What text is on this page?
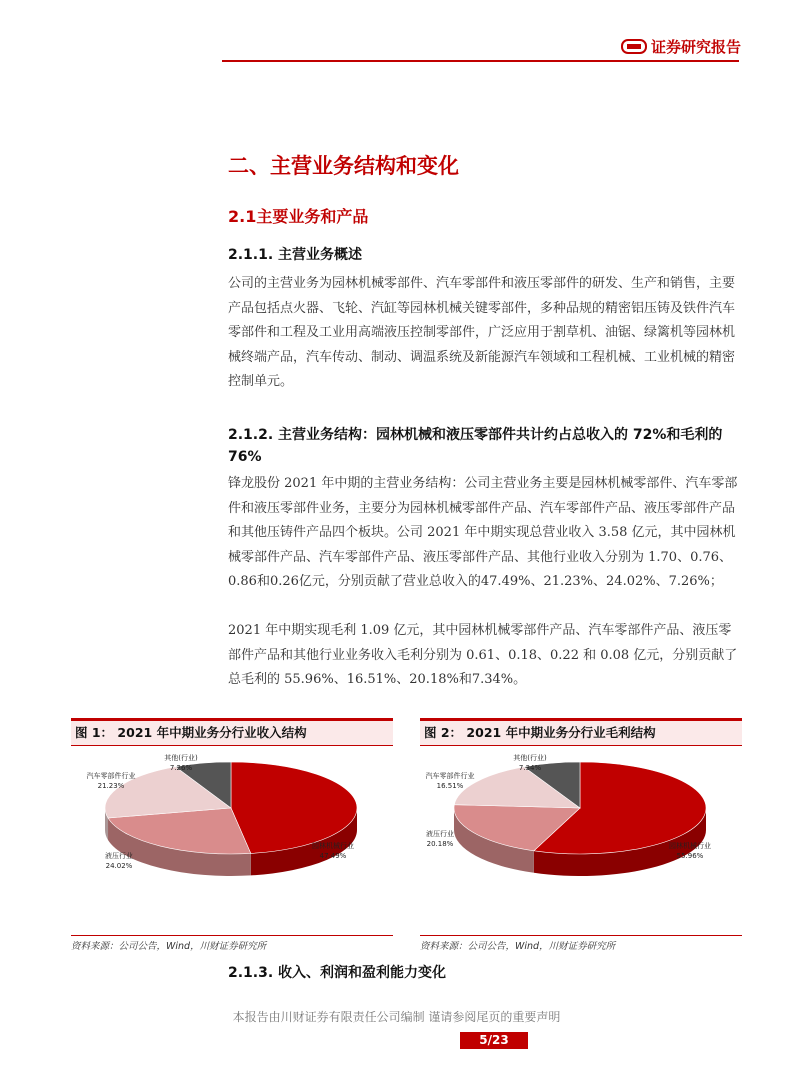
证券研究报告
二、主营业务结构和变化
2.1主要业务和产品

2.1.1. 主营业务概述

公司的主营业务为园林机械零部件、汽车零部件和液压零部件的研发、生产和销售，主要产品包括点火器、飞轮、汽缸等园林机械关键零部件，多种品规的精密铝压铸及铁件汽车零部件和工程及工业用高端液压控制零部件，广泛应用于割草机、油锯、绿篱机等园林机械终端产品，汽车传动、制动、调温系统及新能源汽车领域和工程机械、工业机械的精密控制单元。

2.1.2. 主营业务结构：园林机械和液压零部件共计约占总收入的 72%和毛利的 76%

锋龙股份 2021 年中期的主营业务结构：公司主营业务主要是园林机械零部件、汽车零部件和液压零部件业务，主要分为园林机械零部件产品、汽车零部件产品、液压零部件产品和其他压铸件产品四个板块。公司 2021 年中期实现总营业收入 3.58 亿元，其中园林机械零部件产品、汽车零部件产品、液压零部件产品、其他行业收入分别为 1.70、0.76、0.86和0.26亿元，分别贡献了营业总收入的47.49%、21.23%、24.02%、7.26%；

2021 年中期实现毛利 1.09 亿元，其中园林机械零部件产品、汽车零部件产品、液压零部件产品和其他行业业务收入毛利分别为 0.61、0.18、0.22 和 0.08 亿元，分别贡献了总毛利的 55.96%、16.51%、20.18%和7.34%。

图 1： 2021 年中期业务分行业收入结构
园林机械行业
47.49%
液压行业
24.02%
汽车零部件行业
21.23%
其他(行业)
7.26%
资料来源：公司公告，Wind，川财证券研究所
图 2： 2021 年中期业务分行业毛利结构
园林机械行业
55.96%
液压行业
20.18%
汽车零部件行业
16.51%
其他(行业)
7.34%
资料来源：公司公告，Wind，川财证券研究所

2.1.3. 收入、利润和盈利能力变化

本报告由川财证券有限责任公司编制 谨请参阅尾页的重要声明
5/23
